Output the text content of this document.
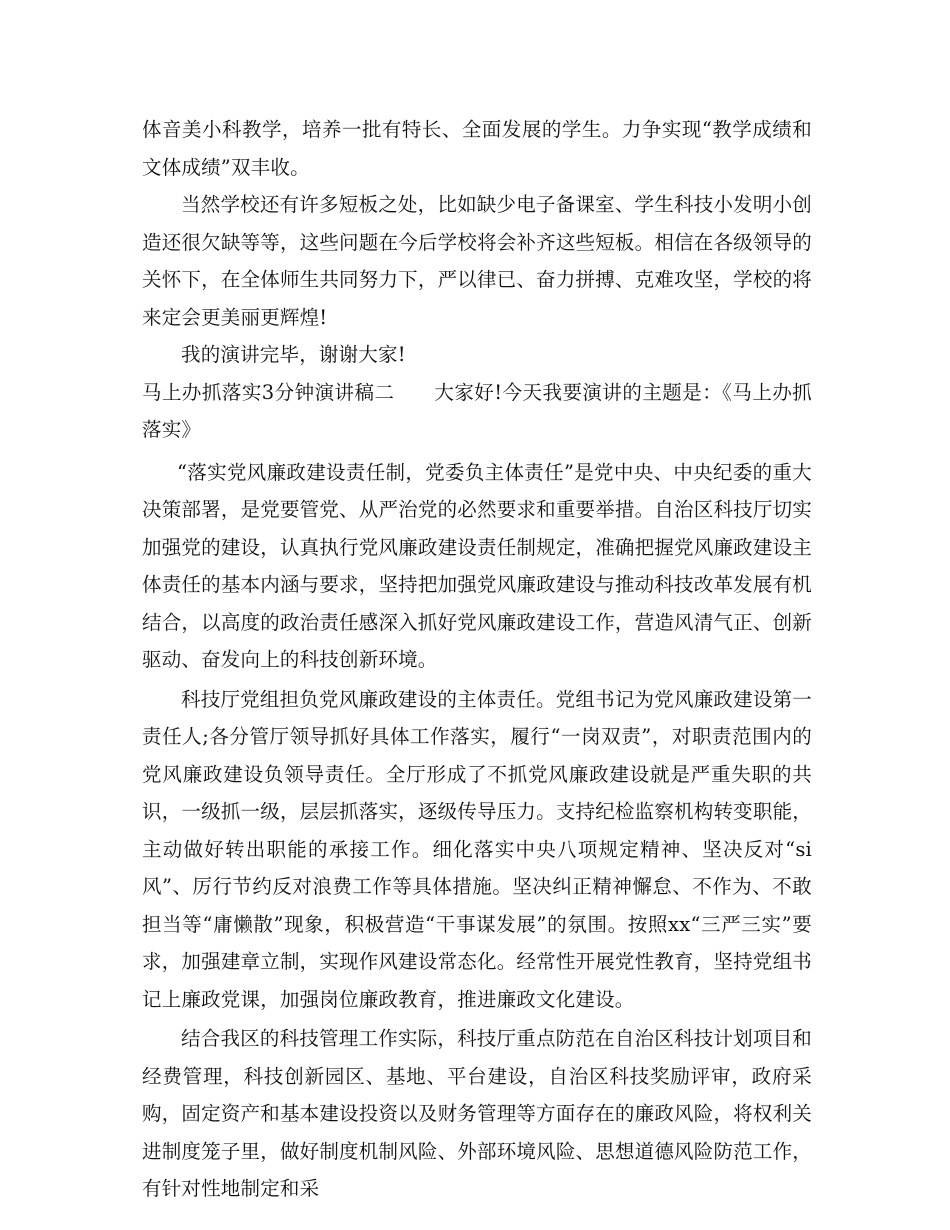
体音美小科教学，培养一批有特长、全面发展的学生。力争实现“教学成绩和文体成绩”双丰收。

当然学校还有许多短板之处，比如缺少电子备课室、学生科技小发明小创造还很欠缺等等，这些问题在今后学校将会补齐这些短板。相信在各级领导的关怀下，在全体师生共同努力下，严以律已、奋力拼搏、克难攻坚，学校的将来定会更美丽更辉煌!

我的演讲完毕，谢谢大家!

马上办抓落实3分钟演讲稿二　　大家好!今天我要演讲的主题是：《马上办抓落实》

“落实党风廉政建设责任制，党委负主体责任”是党中央、中央纪委的重大决策部署，是党要管党、从严治党的必然要求和重要举措。自治区科技厅切实加强党的建设，认真执行党风廉政建设责任制规定，准确把握党风廉政建设主体责任的基本内涵与要求，坚持把加强党风廉政建设与推动科技改革发展有机结合，以高度的政治责任感深入抓好党风廉政建设工作，营造风清气正、创新驱动、奋发向上的科技创新环境。

科技厅党组担负党风廉政建设的主体责任。党组书记为党风廉政建设第一责任人;各分管厅领导抓好具体工作落实，履行“一岗双责”，对职责范围内的党风廉政建设负领导责任。全厅形成了不抓党风廉政建设就是严重失职的共识，一级抓一级，层层抓落实，逐级传导压力。支持纪检监察机构转变职能，主动做好转出职能的承接工作。细化落实中央八项规定精神、坚决反对“si风”、厉行节约反对浪费工作等具体措施。坚决纠正精神懈怠、不作为、不敢担当等“庸懒散”现象，积极营造“干事谋发展”的氛围。按照xx“三严三实”要求，加强建章立制，实现作风建设常态化。经常性开展党性教育，坚持党组书记上廉政党课，加强岗位廉政教育，推进廉政文化建设。

结合我区的科技管理工作实际，科技厅重点防范在自治区科技计划项目和经费管理，科技创新园区、基地、平台建设，自治区科技奖励评审，政府采购，固定资产和基本建设投资以及财务管理等方面存在的廉政风险，将权利关进制度笼子里，做好制度机制风险、外部环境风险、思想道德风险防范工作，有针对性地制定和采
